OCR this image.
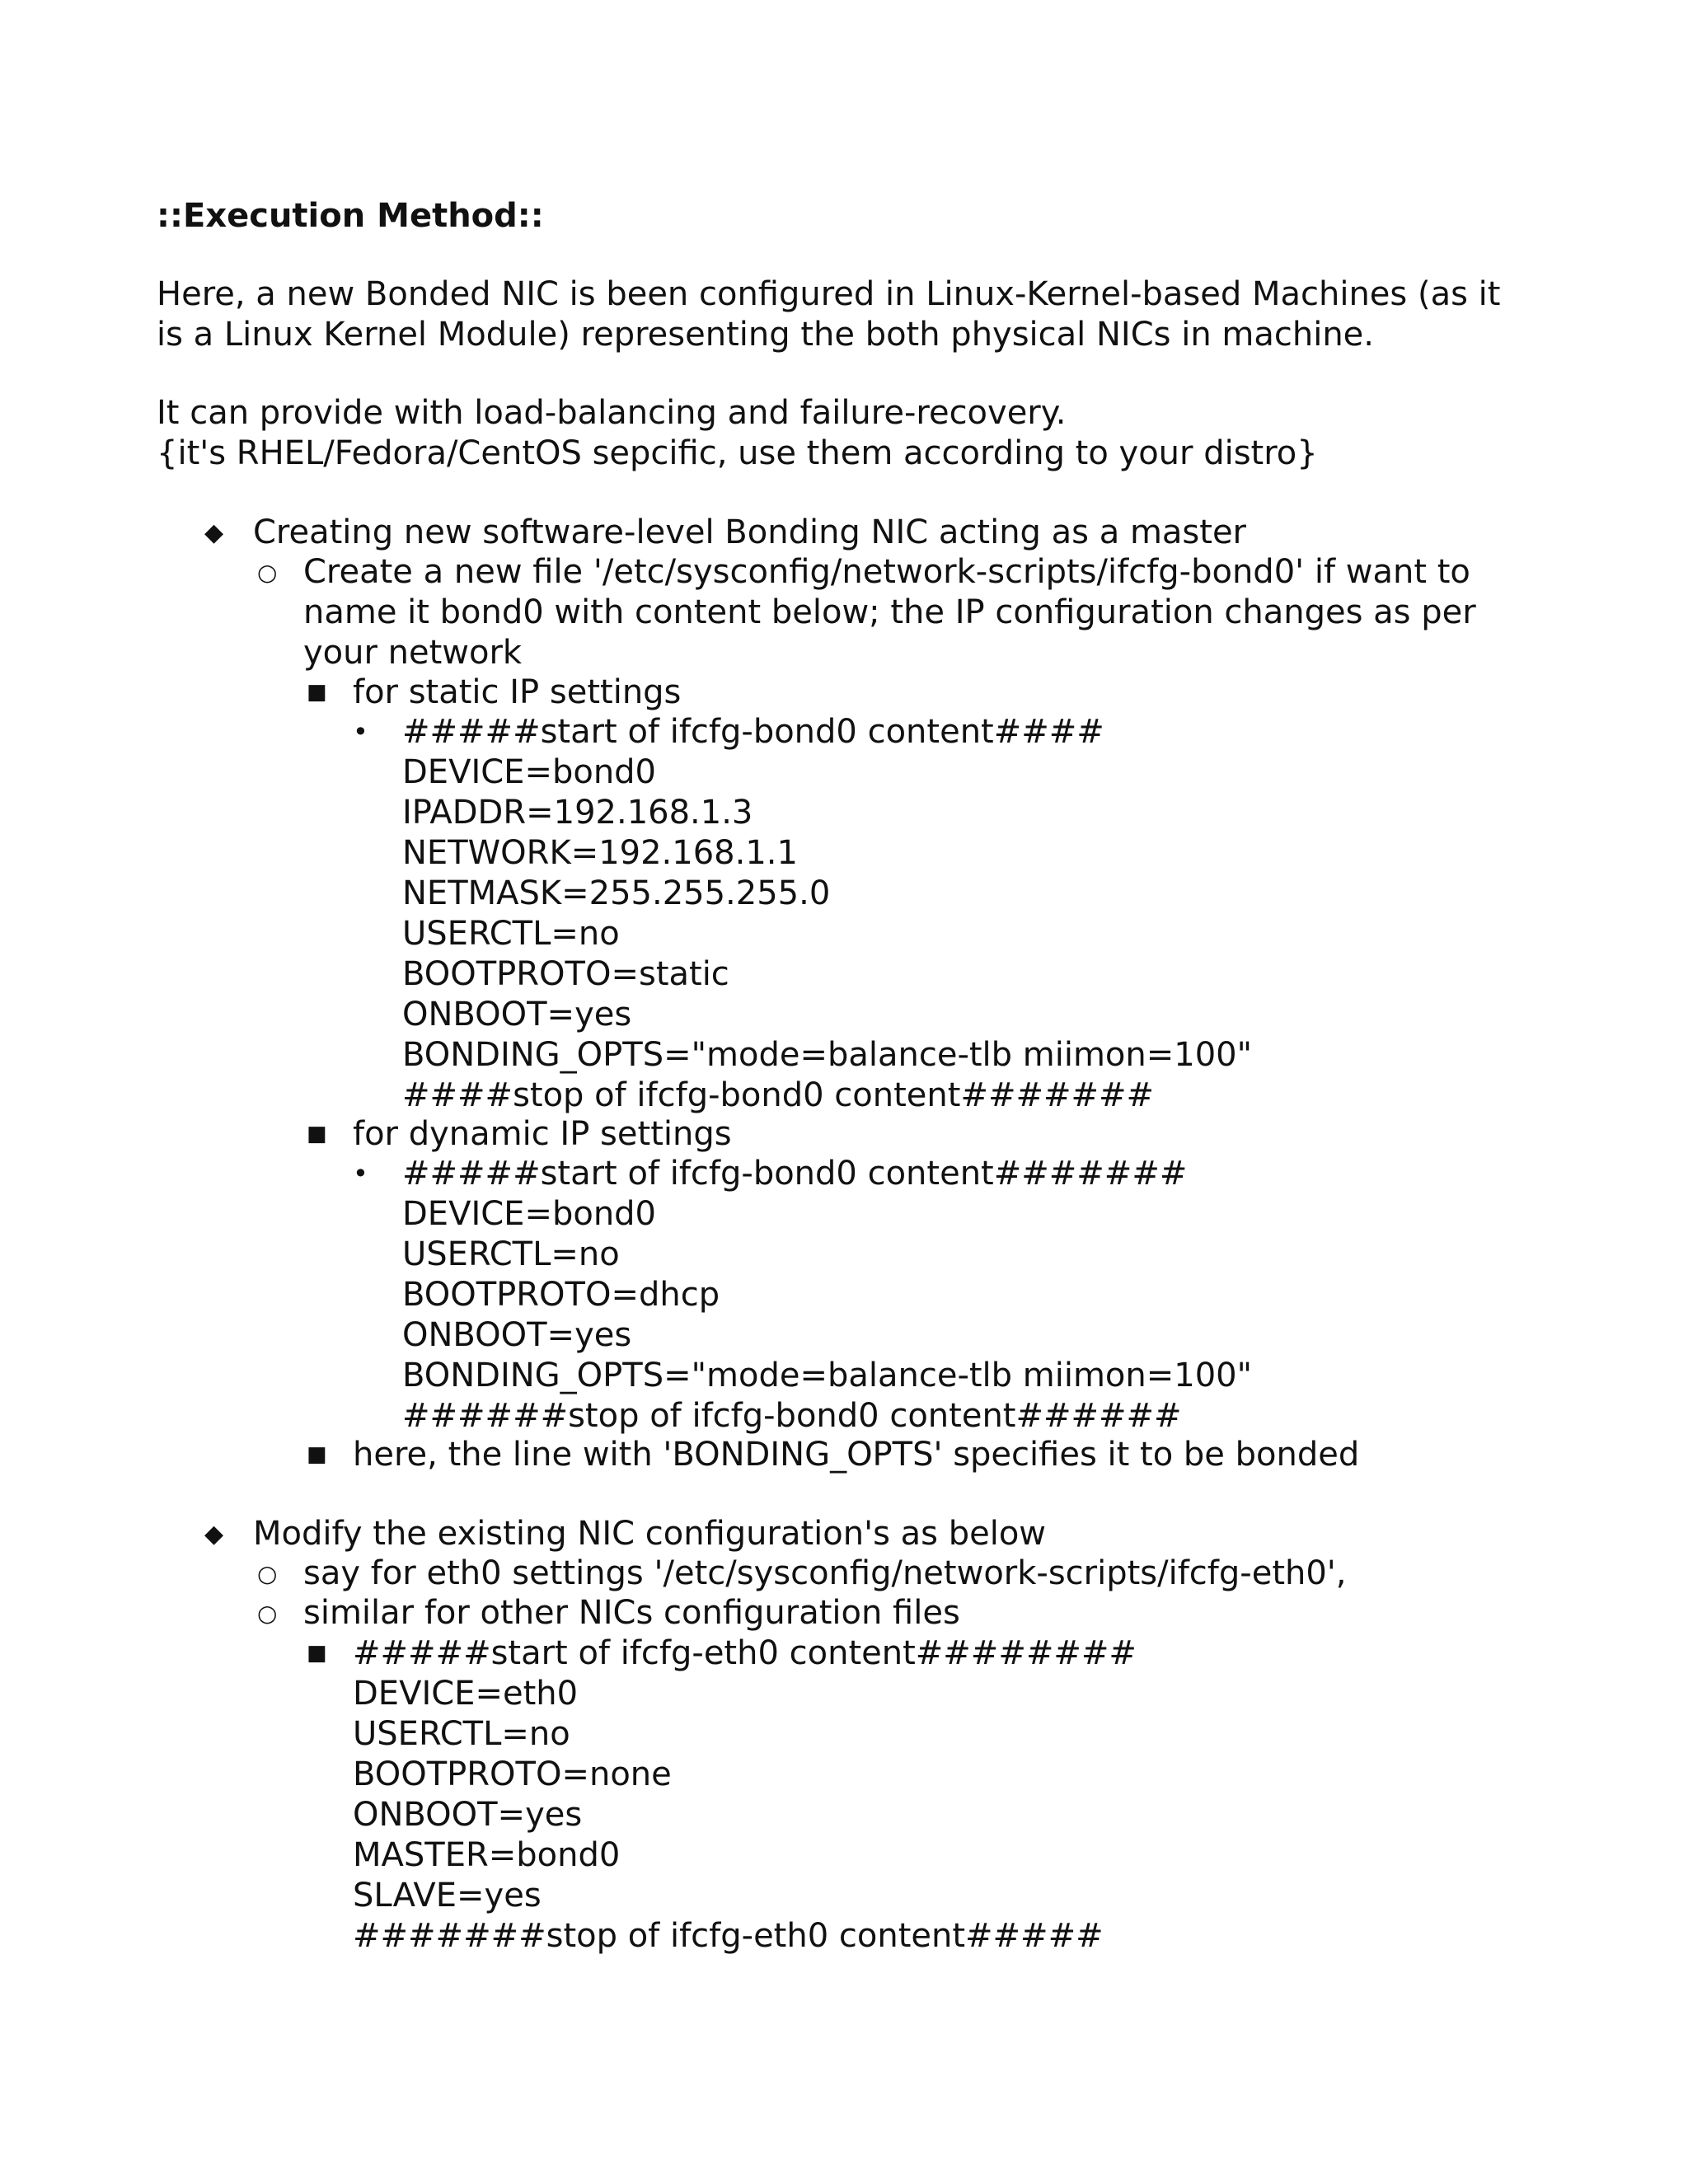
::Execution Method::
Here, a new Bonded NIC is been configured in Linux-Kernel-based Machines (as it
is a Linux Kernel Module) representing the both physical NICs in machine.
It can provide with load-balancing and failure-recovery.
{it's RHEL/Fedora/CentOS sepcific, use them according to your distro}
◆ Creating new software-level Bonding NIC acting as a master
○ Create a new file '/etc/sysconfig/network-scripts/ifcfg-bond0' if want to
name it bond0 with content below; the IP configuration changes as per
your network
■ for static IP settings
• #####start of ifcfg-bond0 content####
DEVICE=bond0
IPADDR=192.168.1.3
NETWORK=192.168.1.1
NETMASK=255.255.255.0
USERCTL=no
BOOTPROTO=static
ONBOOT=yes
BONDING_OPTS="mode=balance-tlb miimon=100"
####stop of ifcfg-bond0 content#######
■ for dynamic IP settings
• #####start of ifcfg-bond0 content#######
DEVICE=bond0
USERCTL=no
BOOTPROTO=dhcp
ONBOOT=yes
BONDING_OPTS="mode=balance-tlb miimon=100"
######stop of ifcfg-bond0 content######
■ here, the line with 'BONDING_OPTS' specifies it to be bonded
◆ Modify the existing NIC configuration's as below
○ say for eth0 settings '/etc/sysconfig/network-scripts/ifcfg-eth0',
○ similar for other NICs configuration files
■ #####start of ifcfg-eth0 content########
DEVICE=eth0
USERCTL=no
BOOTPROTO=none
ONBOOT=yes
MASTER=bond0
SLAVE=yes
#######stop of ifcfg-eth0 content#####
